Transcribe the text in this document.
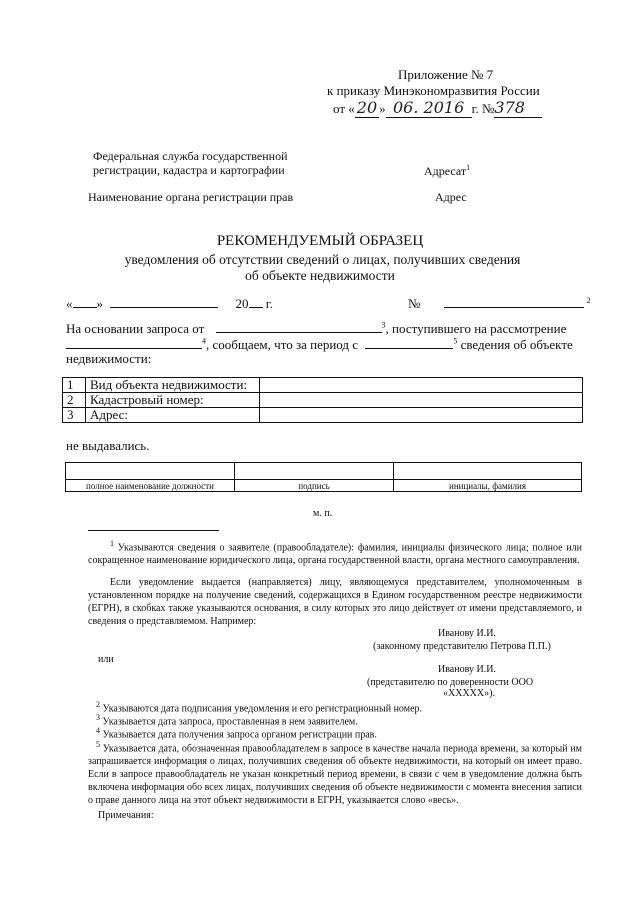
Приложение № 7
к приказу Минэкономразвития России
от « 20 » 06. 2016 г. №378
Федеральная служба государственной
регистрации, кадастра и картографии
Наименование органа регистрации прав
Адресат$^1$
Адрес
РЕКОМЕНДУЕМЫЙ ОБРАЗЕЦ
уведомления об отсутствии сведений о лицах, получивших сведения
об объекте недвижимости
« »	20 г.	№	$^2$
На основании запроса от	$^3$, поступившего на рассмотрение
$^4$, сообщаем, что за период с	$^5$ сведения об объекте
недвижимости:
1	Вид объекта недвижимости:	
2	Кадастровый номер:	
3	Адрес:	
не выдавались.

полное наименование должности	подпись	инициалы, фамилия
м. п.
$^1$ Указываются сведения о заявителе (правообладателе): фамилия, инициалы физического лица; полное или сокращенное наименование юридического лица, органа государственной власти, органа местного самоуправления.
Если уведомление выдается (направляется) лицу, являющемуся представителем, уполномоченным в установленном порядке на получение сведений, содержащихся в Едином государственном реестре недвижимости (ЕГРН), в скобках также указываются основания, в силу которых это лицо действует от имени представляемого, и сведения о представляемом. Например:
Иванову И.И.
(законному представителю Петрова П.П.)
или
Иванову И.И.
(представителю по доверенности ООО
«ХХХХХ»).
$^2$ Указываются дата подписания уведомления и его регистрационный номер.
$^3$ Указывается дата запроса, проставленная в нем заявителем.
$^4$ Указывается дата получения запроса органом регистрации прав.
$^5$ Указывается дата, обозначенная правообладателем в запросе в качестве начала периода времени, за который им запрашивается информация о лицах, получивших сведения об объекте недвижимости, на который он имеет право. Если в запросе правообладатель не указан конкретный период времени, в связи с чем в уведомление должна быть включена информация обо всех лицах, получивших сведения об объекте недвижимости с момента внесения записи о праве данного лица на этот объект недвижимости в ЕГРН, указывается слово «весь».
Примечания:
